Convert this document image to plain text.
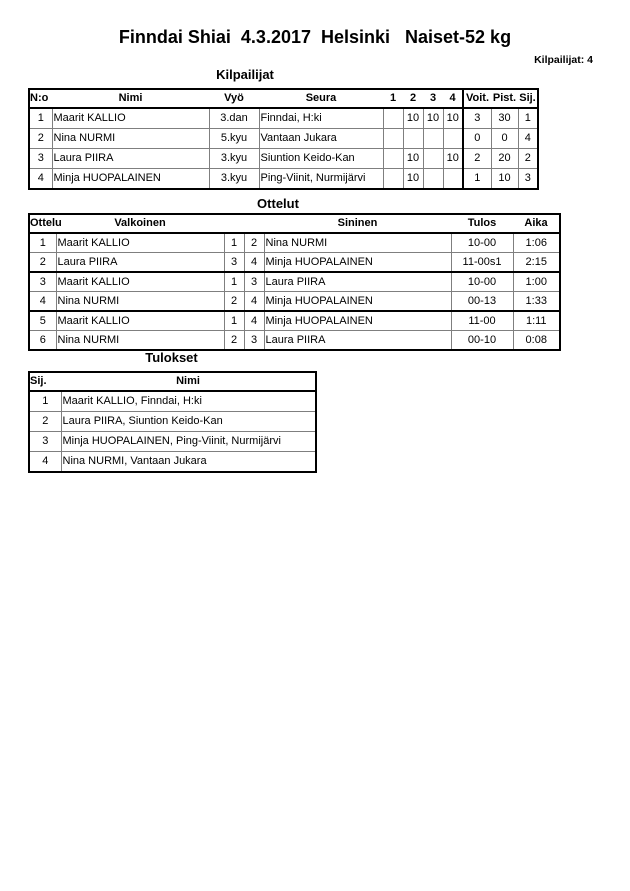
Finndai Shiai  4.3.2017  Helsinki   Naiset-52 kg
Kilpailijat: 4
Kilpailijat
N:o	Nimi	Vyö	Seura	1	2	3	4	Voit.	Pist.	Sij.
1	Maarit KALLIO	3.dan	Finndai, H:ki		10	10	10	3	30	1
2	Nina NURMI	5.kyu	Vantaan Jukara					0	0	4
3	Laura PIIRA	3.kyu	Siuntion Keido-Kan		10		10	2	20	2
4	Minja HUOPALAINEN	3.kyu	Ping-Viinit, Nurmijärvi		10			1	10	3
Ottelut
Ottelu	Valkoinen			Sininen	Tulos	Aika
1	Maarit KALLIO	1	2	Nina NURMI	10-00	1:06
2	Laura PIIRA	3	4	Minja HUOPALAINEN	11-00s1	2:15
3	Maarit KALLIO	1	3	Laura PIIRA	10-00	1:00
4	Nina NURMI	2	4	Minja HUOPALAINEN	00-13	1:33
5	Maarit KALLIO	1	4	Minja HUOPALAINEN	11-00	1:11
6	Nina NURMI	2	3	Laura PIIRA	00-10	0:08
Tulokset
Sij.	Nimi
1	Maarit KALLIO, Finndai, H:ki
2	Laura PIIRA, Siuntion Keido-Kan
3	Minja HUOPALAINEN, Ping-Viinit, Nurmijärvi
4	Nina NURMI, Vantaan Jukara
